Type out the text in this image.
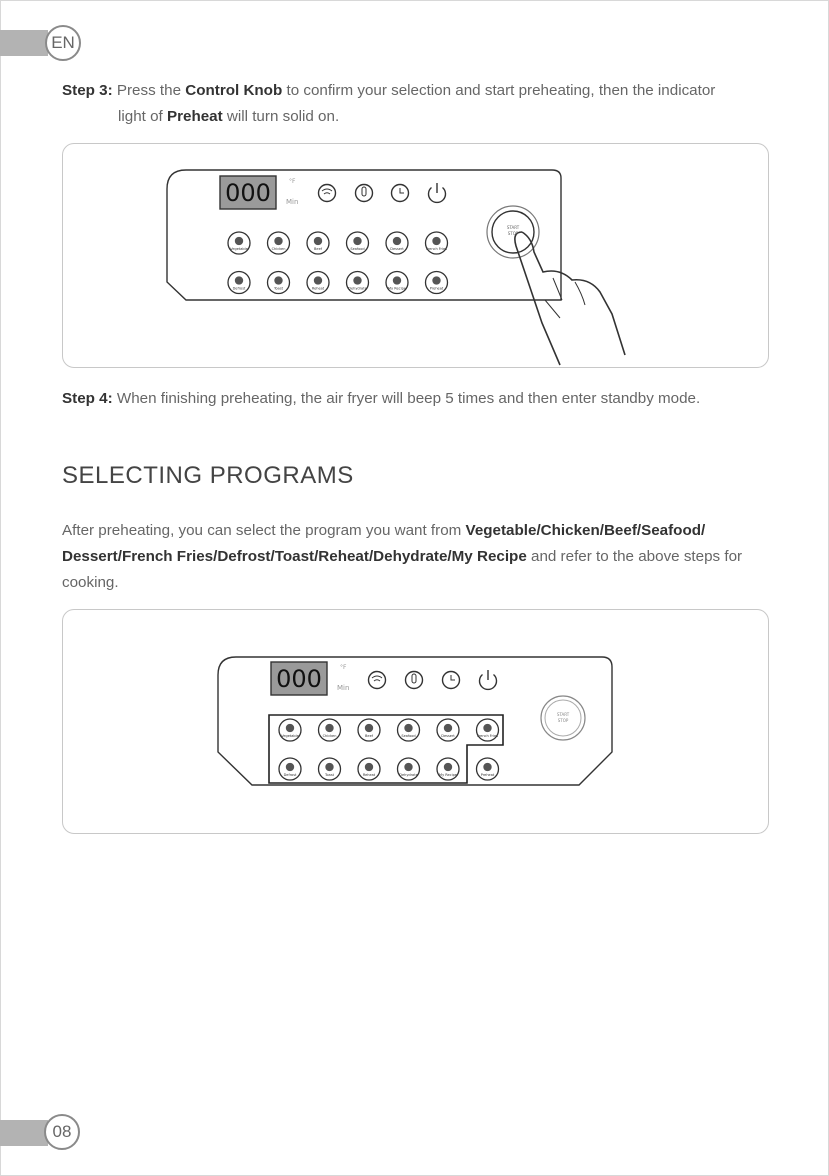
EN
Step 3: Press the Control Knob to confirm your selection and start preheating, then the indicator
light of Preheat will turn solid on.
000	°F
Min
START
STOP
Vegetable	Chicken	Beef	Seafood	Dessert	French Fries
Defrost	Toast	Reheat	Dehydrate	My Recipe	Preheat
Step 4: When finishing preheating, the air fryer will beep 5 times and then enter standby mode.
SELECTING PROGRAMS
After preheating, you can select the program you want from Vegetable/Chicken/Beef/Seafood/
Dessert/French Fries/Defrost/Toast/Reheat/Dehydrate/My Recipe and refer to the above steps for
cooking.
000	°F
Min
START
STOP
Vegetable	Chicken	Beef	Seafood	Dessert	French Fries
Defrost	Toast	Reheat	Dehydrate	My Recipe	Preheat
08
